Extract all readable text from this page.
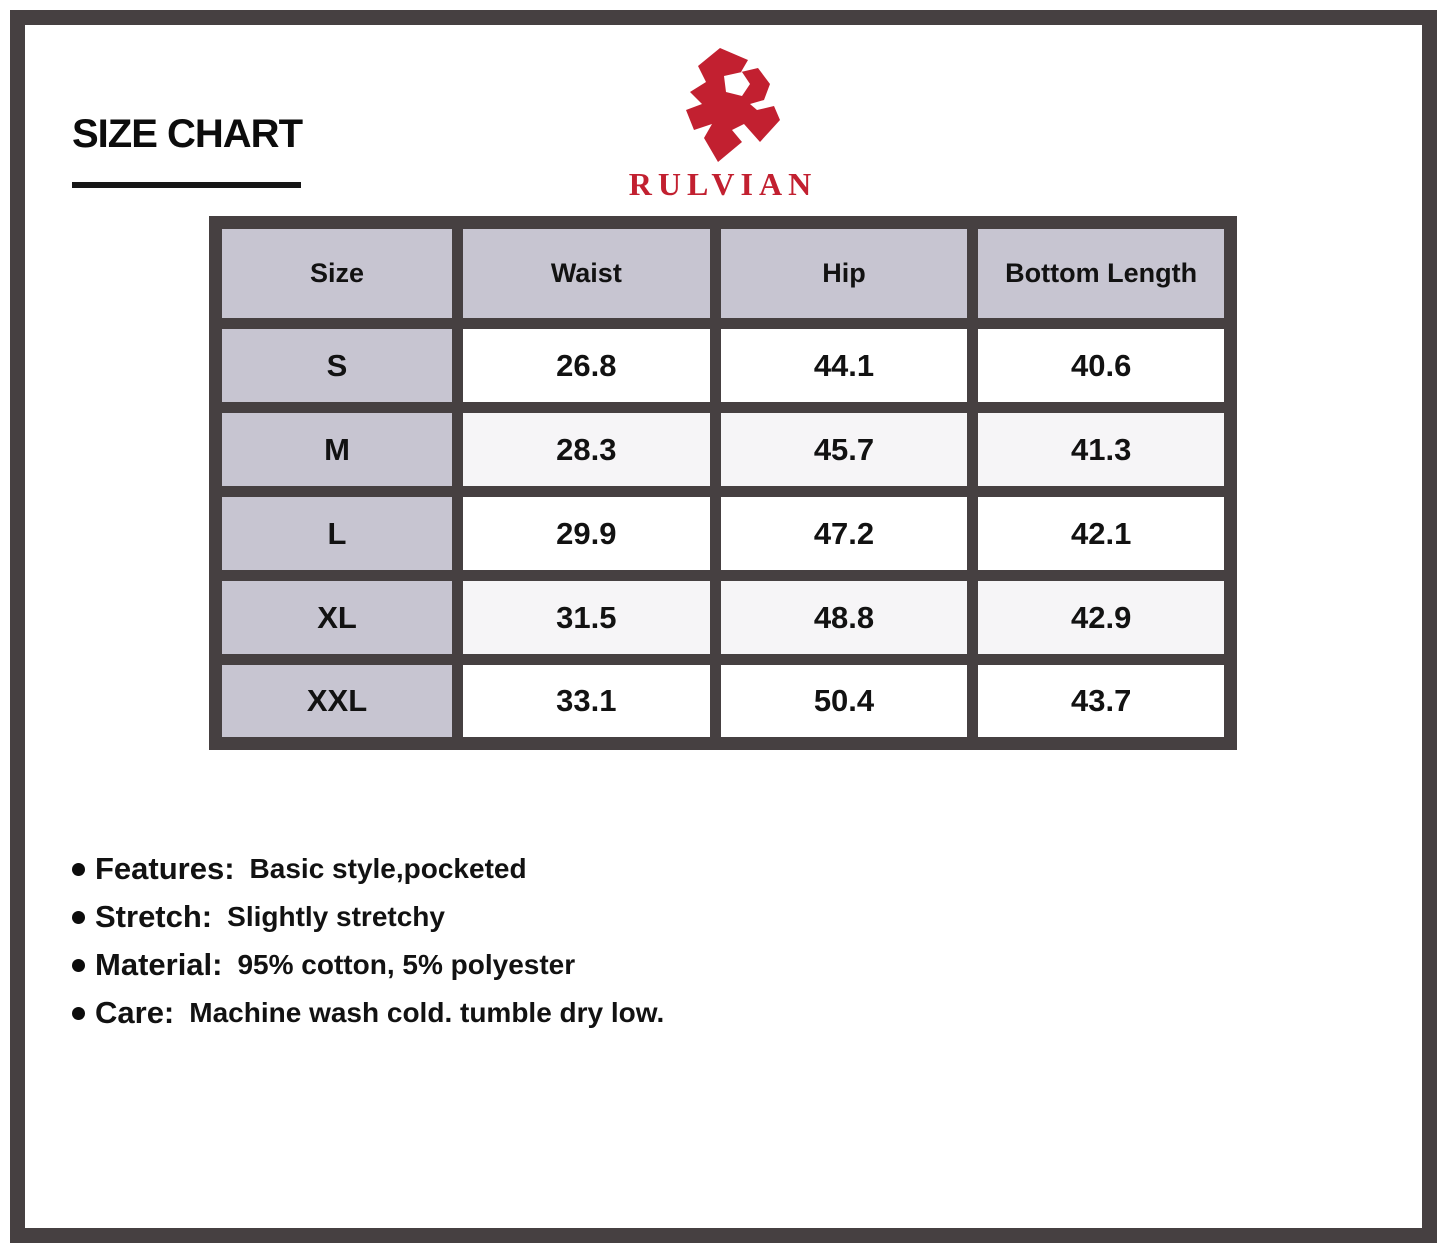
SIZE CHART
RULVIAN
Size	Waist	Hip	Bottom Length
S	26.8	44.1	40.6
M	28.3	45.7	41.3
L	29.9	47.2	42.1
XL	31.5	48.8	42.9
XXL	33.1	50.4	43.7
Features: Basic style,pocketed
Stretch: Slightly stretchy
Material: 95% cotton, 5% polyester
Care: Machine wash cold. tumble dry low.
